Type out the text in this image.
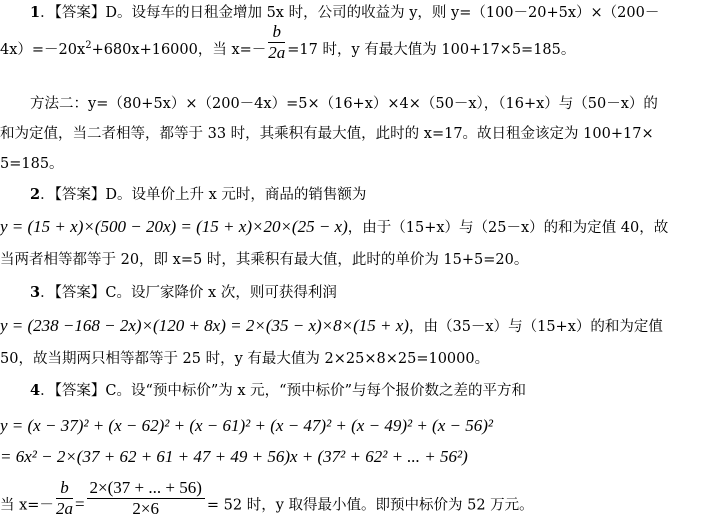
1．【答案】D。设每车的日租金增加 5x 时，公司的收益为 y，则 y=（100－20+5x）×（200－
$4x)=-20x^2+680x+16000$，当 $x=- \frac{b}{2a} =17$ 时，y 有最大值为 100+17×5=185。
方法二：y=（80+5x）×（200－4x）=5×（16+x）×4×（50－x），（16+x）与（50－x）的
和为定值，当二者相等，都等于 33 时，其乘积有最大值，此时的 x=17。故日租金该定为 100+17×
5=185。
2．【答案】D。设单价上升 x 元时，商品的销售额为
y = (15 + x)×(500 − 20x) = (15 + x)×20×(25 − x)，由于（15+x）与（25－x）的和为定值 40，故
当两者相等都等于 20，即 x=5 时，其乘积有最大值，此时的单价为 15+5=20。
3．【答案】C。设厂家降价 x 次，则可获得利润
y = (238 −168 − 2x)×(120 + 8x) = 2×(35 − x)×8×(15 + x)，由（35－x）与（15+x）的和为定值
50，故当期两只相等都等于 25 时，y 有最大值为 2×25×8×25=10000。
4．【答案】C。设“预中标价”为 x 元，“预中标价”与每个报价数之差的平方和
y = (x − 37)² + (x − 62)² + (x − 61)² + (x − 47)² + (x − 49)² + (x − 56)²
= 6x² − 2×(37 + 62 + 61 + 47 + 49 + 56)x + (37² + 62² + ... + 56²)
当 $x=- \frac{b}{2a} = \frac{2\times(37 + ... + 56)}{2\times 6} = 52$ 时，y 取得最小值。即预中标价为 52 万元。
